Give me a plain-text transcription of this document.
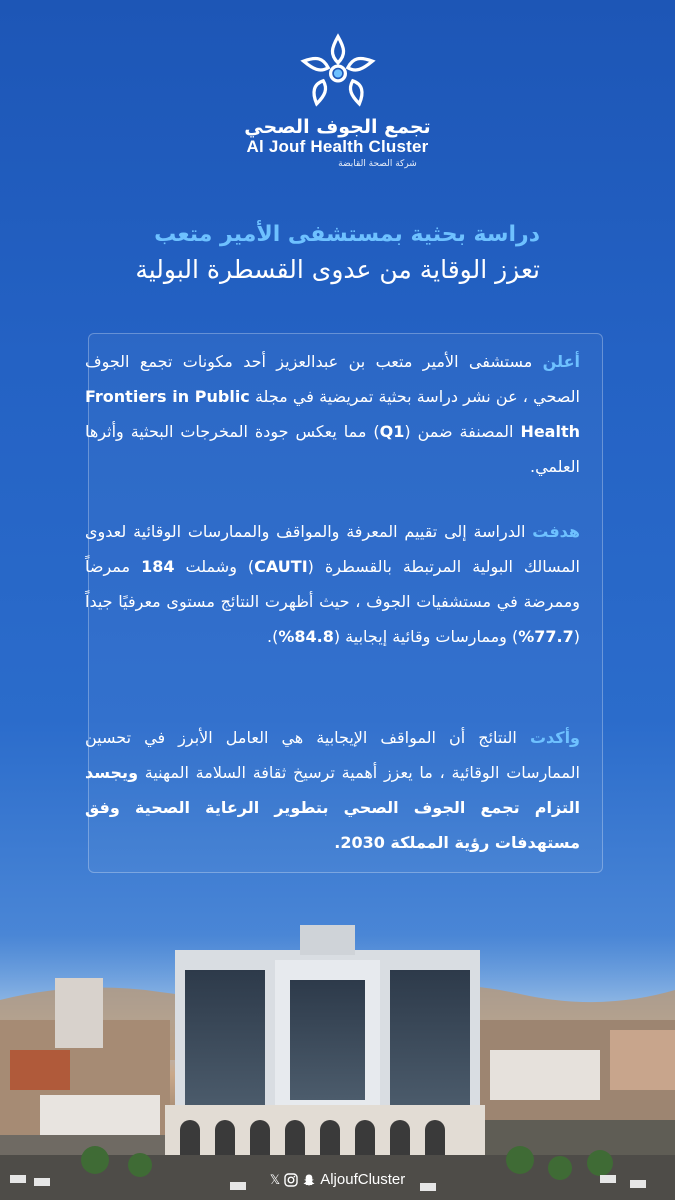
تجمع الجوف الصحي
Al Jouf Health Cluster
شركة الصحة القابضة
دراسة بحثية بمستشفى الأمير متعب
تعزز الوقاية من عدوى القسطرة البولية
أعلن مستشفى الأمير متعب بن عبدالعزيز أحد مكونات تجمع الجوف الصحي ، عن نشر دراسة بحثية تمريضية في مجلة Frontiers in Public Health المصنفة ضمن (Q1) مما يعكس جودة المخرجات البحثية وأثرها العلمي.
هدفت الدراسة إلى تقييم المعرفة والمواقف والممارسات الوقائية لعدوى المسالك البولية المرتبطة بالقسطرة (CAUTI) وشملت 184 ممرضاً وممرضة في مستشفيات الجوف ، حيث أظهرت النتائج مستوى معرفيًا جيداً (77.7%) وممارسات وقائية إيجابية (84.8%).
وأكدت النتائج أن المواقف الإيجابية هي العامل الأبرز في تحسين الممارسات الوقائية ، ما يعزز أهمية ترسيخ ثقافة السلامة المهنية ويجسد التزام تجمع الجوف الصحي بتطوير الرعاية الصحية وفق مستهدفات رؤية المملكة 2030.
𝕏	AljoufCluster
